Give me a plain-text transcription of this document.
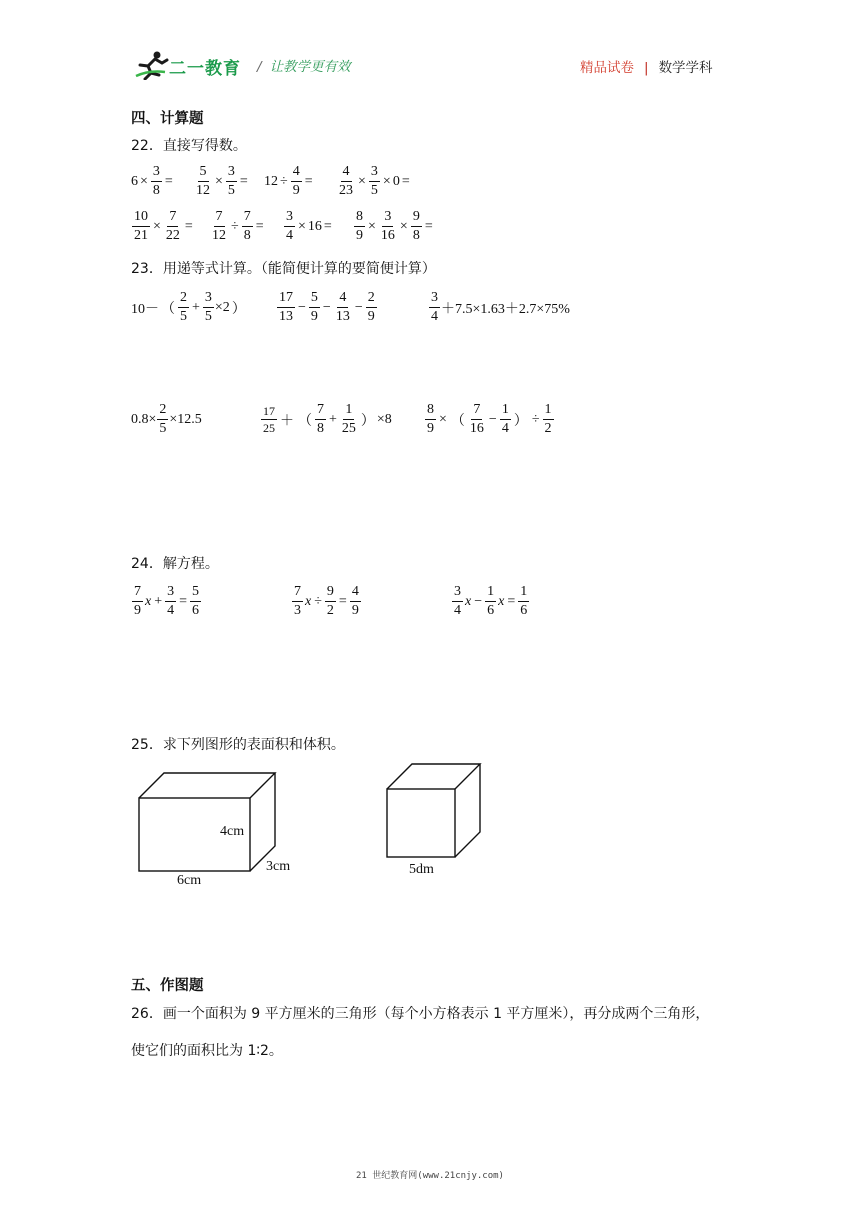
二一教育 / 让教学更有效	精品试卷 | 数学学科
四、计算题
22．直接写得数。
$6 \times \frac{3}{8} = \frac{5}{12} \times \frac{3}{5} = 12 \div \frac{4}{9} = \frac{4}{23} \times \frac{3}{5} \times 0$ =
$\frac{10}{21} \times \frac{7}{22} = \frac{7}{12} \div \frac{7}{8} = \frac{3}{4} \times 16 = \frac{8}{9} \times \frac{3}{16} \times \frac{9}{8}$ =
23．用递等式计算。（能简便计算的要简便计算）
10－ （ $\frac{2}{5} + \frac{3}{5} \times 2$ ） $\frac{17}{13} - \frac{5}{9} - \frac{4}{13} - \frac{2}{9}$	$\frac{3}{4} +7.5\times 1.63+2.7\times 75\%$
$0.8\times \frac{2}{5} \times 12.5$	$\frac{17}{25}$ ＋ （ $\frac{7}{8} + \frac{1}{25}$ ） $\times 8 \frac{8}{9}$ × （ $\frac{7}{16} - \frac{1}{4}$ ） ÷ $\frac{1}{2}$
24．解方程。
$\frac{7}{9}$ $x + \frac{3}{4} = \frac{5}{6}$	$\frac{7}{3}$ $x \div \frac{9}{2} = \frac{4}{9}$	$\frac{3}{4}$ $x - \frac{1}{6}$ $x = \frac{1}{6}$
25．求下列图形的表面积和体积。
4cm
3cm
6cm
5dm
五、作图题
26．画一个面积为 9 平方厘米的三角形（每个小方格表示 1 平方厘米），再分成两个三角形，
使它们的面积比为 1∶2。
21 世纪教育网(www.21cnjy.com)
